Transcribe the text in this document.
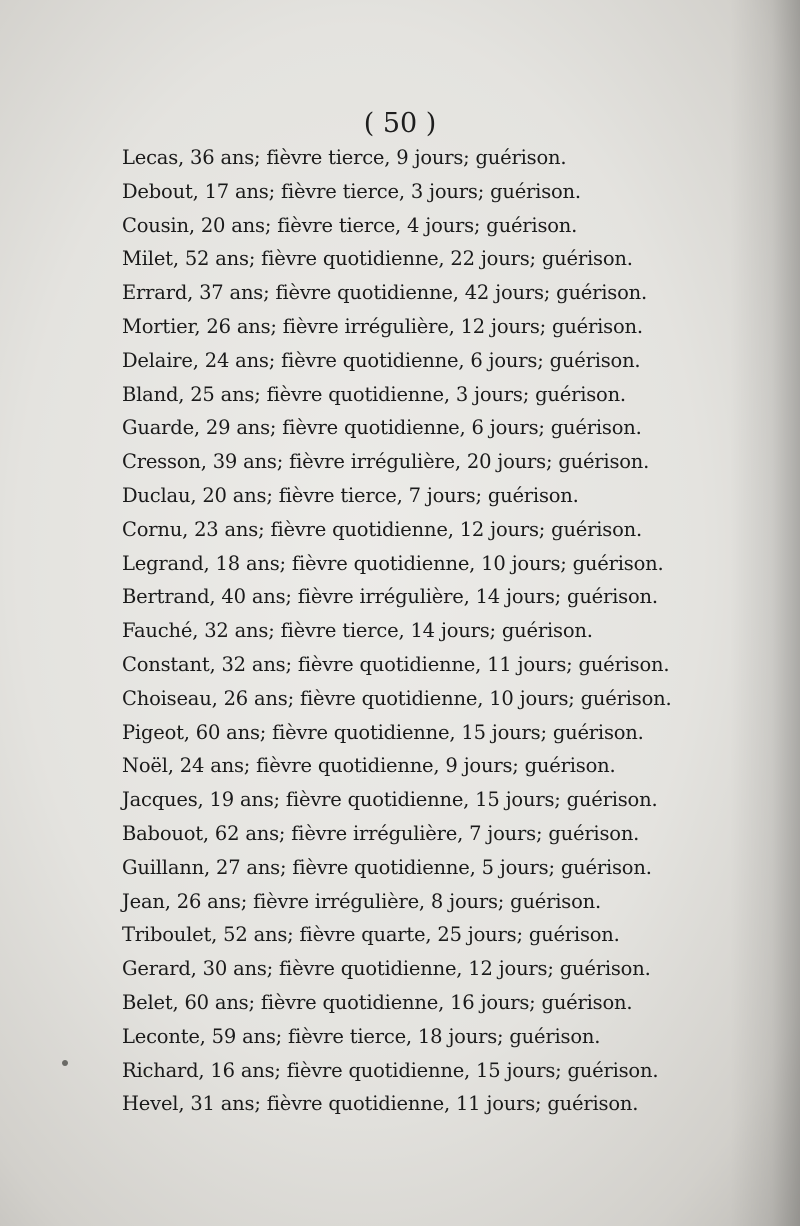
( 50 )
Lecas, 36 ans; fièvre tierce, 9 jours; guérison.
Debout, 17 ans; fièvre tierce, 3 jours; guérison.
Cousin, 20 ans; fièvre tierce, 4 jours; guérison.
Milet, 52 ans; fièvre quotidienne, 22 jours; guérison.
Errard, 37 ans; fièvre quotidienne, 42 jours; guérison.
Mortier, 26 ans; fièvre irrégulière, 12 jours; guérison.
Delaire, 24 ans; fièvre quotidienne, 6 jours; guérison.
Bland, 25 ans; fièvre quotidienne, 3 jours; guérison.
Guarde, 29 ans; fièvre quotidienne, 6 jours; guérison.
Cresson, 39 ans; fièvre irrégulière, 20 jours; guérison.
Duclau, 20 ans; fièvre tierce, 7 jours; guérison.
Cornu, 23 ans; fièvre quotidienne, 12 jours; guérison.
Legrand, 18 ans; fièvre quotidienne, 10 jours; guérison.
Bertrand, 40 ans; fièvre irrégulière, 14 jours; guérison.
Fauché, 32 ans; fièvre tierce, 14 jours; guérison.
Constant, 32 ans; fièvre quotidienne, 11 jours; guérison.
Choiseau, 26 ans; fièvre quotidienne, 10 jours; guérison.
Pigeot, 60 ans; fièvre quotidienne, 15 jours; guérison.
Noël, 24 ans; fièvre quotidienne, 9 jours; guérison.
Jacques, 19 ans; fièvre quotidienne, 15 jours; guérison.
Babouot, 62 ans; fièvre irrégulière, 7 jours; guérison.
Guillann, 27 ans; fièvre quotidienne, 5 jours; guérison.
Jean, 26 ans; fièvre irrégulière, 8 jours; guérison.
Triboulet, 52 ans; fièvre quarte, 25 jours; guérison.
Gerard, 30 ans; fièvre quotidienne, 12 jours; guérison.
Belet, 60 ans; fièvre quotidienne, 16 jours; guérison.
Leconte, 59 ans; fièvre tierce, 18 jours; guérison.
Richard, 16 ans; fièvre quotidienne, 15 jours; guérison.
Hevel, 31 ans; fièvre quotidienne, 11 jours; guérison.
